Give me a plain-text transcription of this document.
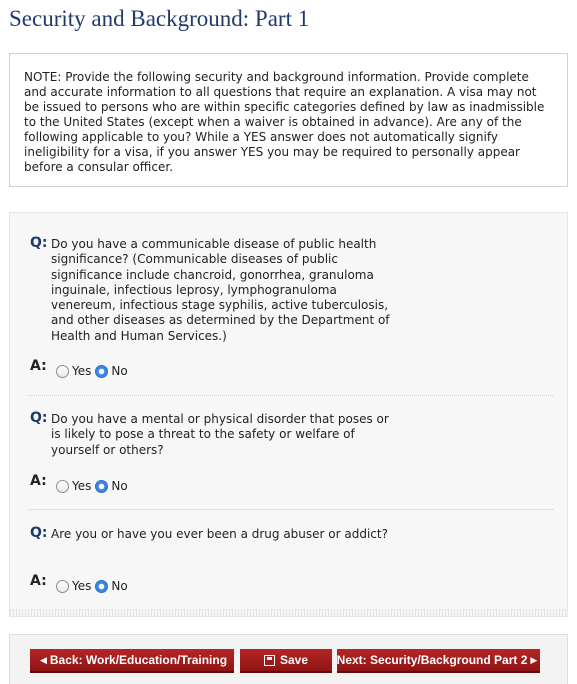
Security and Background: Part 1
NOTE: Provide the following security and background information. Provide complete and accurate information to all questions that require an explanation. A visa may not be issued to persons who are within specific categories defined by law as inadmissible to the United States (except when a waiver is obtained in advance). Are any of the following applicable to you? While a YES answer does not automatically signify ineligibility for a visa, if you answer YES you may be required to personally appear before a consular officer.
Q: Do you have a communicable disease of public health significance? (Communicable diseases of public significance include chancroid, gonorrhea, granuloma inguinale, infectious leprosy, lymphogranuloma venereum, infectious stage syphilis, active tuberculosis, and other diseases as determined by the Department of Health and Human Services.)
A: Yes No
Q: Do you have a mental or physical disorder that poses or is likely to pose a threat to the safety or welfare of yourself or others?
A: Yes No
Q: Are you or have you ever been a drug abuser or addict?
A: Yes No
◀ Back: Work/Education/Training	Save Next: Security/Background Part 2 ▶
